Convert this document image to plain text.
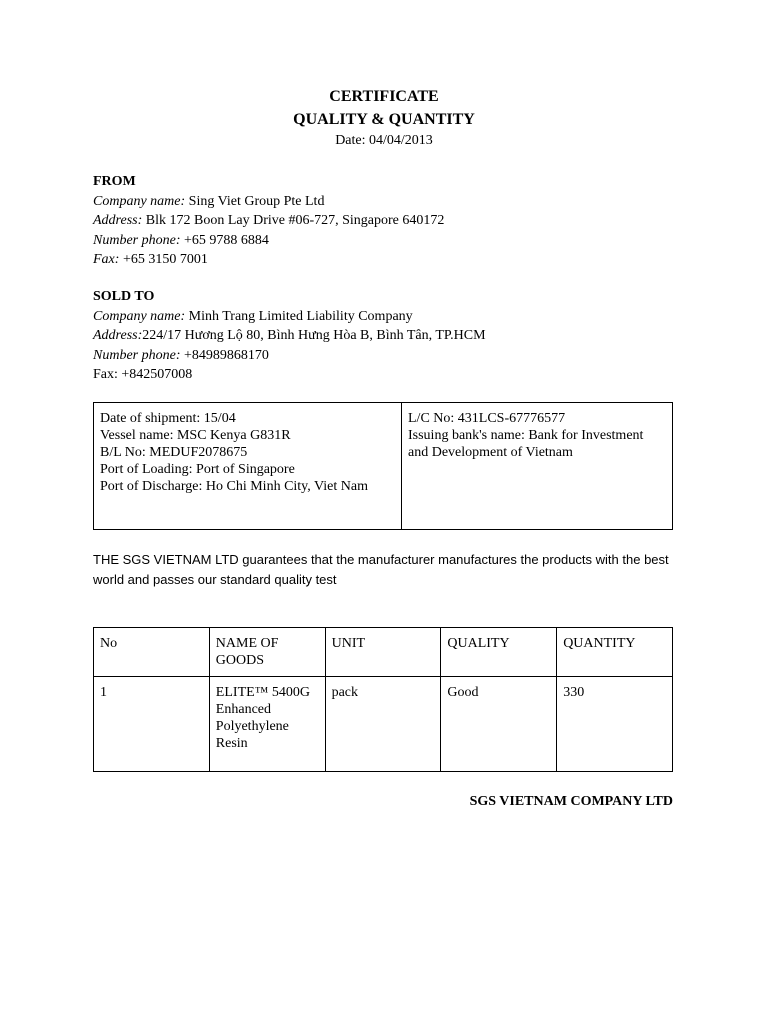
CERTIFICATE
QUALITY & QUANTITY
Date: 04/04/2013
FROM
Company name: Sing Viet Group Pte Ltd
Address: Blk 172 Boon Lay Drive #06-727, Singapore 640172
Number phone: +65 9788 6884
Fax: +65 3150 7001
SOLD TO
Company name: Minh Trang Limited Liability Company
Address:224/17 Hương Lộ 80, Bình Hưng Hòa B, Bình Tân, TP.HCM
Number phone: +84989868170
Fax: +842507008
Date of shipment: 15/04
Vessel name: MSC Kenya G831R
B/L No: MEDUF2078675
Port of Loading: Port of Singapore
Port of Discharge: Ho Chi Minh City, Viet Nam
L/C No: 431LCS-67776577
Issuing bank's name: Bank for Investment and Development of Vietnam
THE SGS VIETNAM LTD guarantees that the manufacturer manufactures the products with the best world and passes our standard quality test
No	NAME OF GOODS	UNIT	QUALITY	QUANTITY
1	ELITE™ 5400G Enhanced Polyethylene Resin	pack	Good	330
SGS VIETNAM COMPANY LTD
